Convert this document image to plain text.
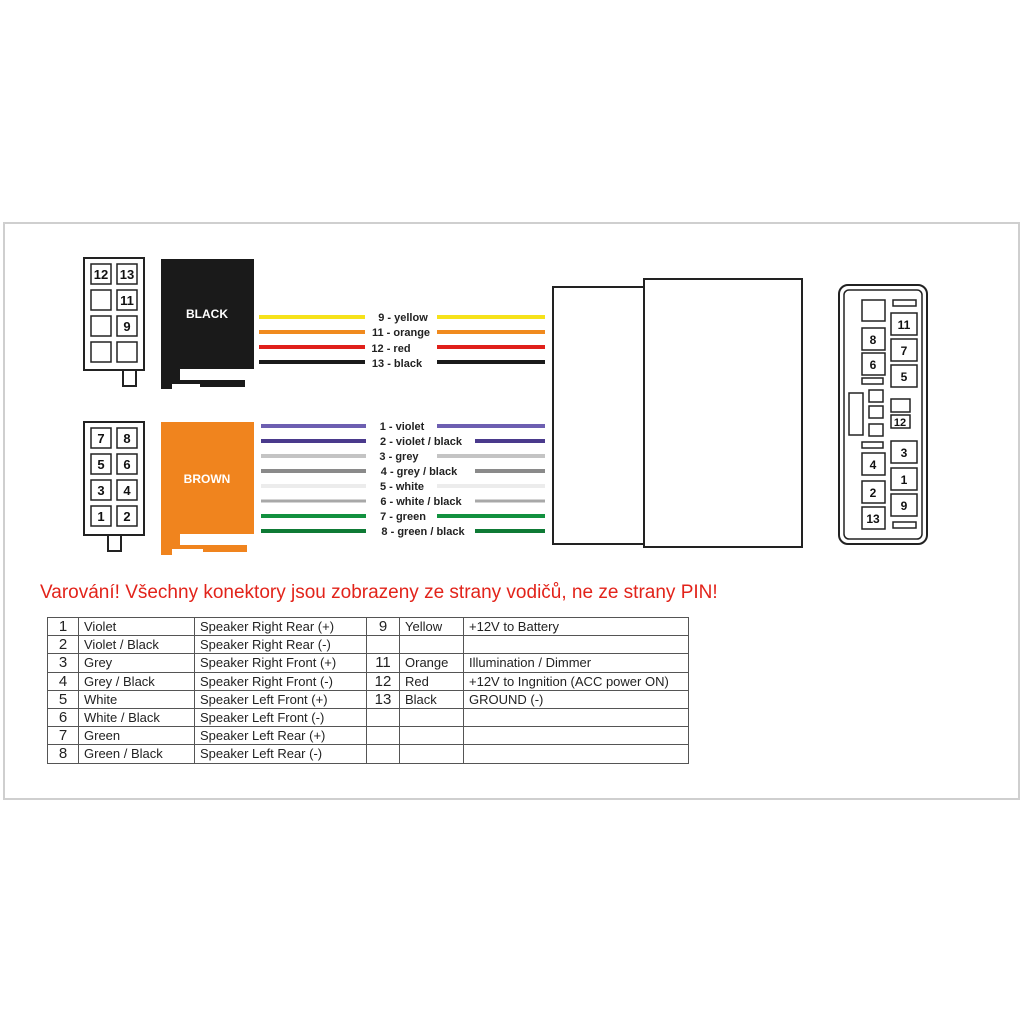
12 13
11
9
BLACK
7 8
5 6
3 4
1 2
BROWN
9 - yellow
11 - orange
12 - red
13 - black
1 - violet
2 - violet / black
3 - grey
4 - grey / black
5 - white
6 - white / black
7 - green
8 - green / black
11
8
7
6
5
12
4
3
1
2
9
13
Varování! Všechny konektory jsou zobrazeny ze strany vodičů, ne ze strany PIN!
1	Violet	Speaker Right Rear (+)	9	Yellow	+12V to Battery
2	Violet / Black	Speaker Right Rear (-)			
3	Grey	Speaker Right Front (+)	11	Orange	Illumination / Dimmer
4	Grey / Black	Speaker Right Front (-)	12	Red	+12V to Ingnition (ACC power ON)
5	White	Speaker Left Front (+)	13	Black	GROUND (-)
6	White / Black	Speaker Left Front (-)			
7	Green	Speaker Left Rear (+)			
8	Green / Black	Speaker Left Rear (-)			
